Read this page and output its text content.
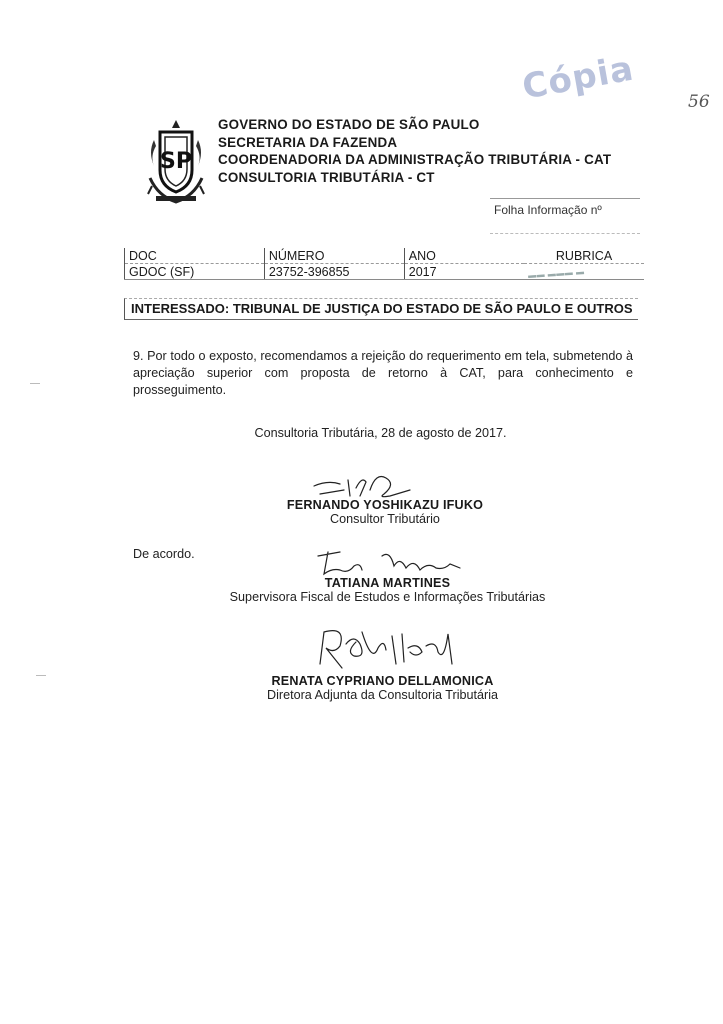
Cópia	56
SP
GOVERNO DO ESTADO DE SÃO PAULO
SECRETARIA DA FAZENDA
COORDENADORIA DA ADMINISTRAÇÃO TRIBUTÁRIA - CAT
CONSULTORIA TRIBUTÁRIA - CT
Folha Informação nº
DOC	NÚMERO	ANO	RUBRICA
GDOC (SF)	23752-396855	2017	▬▬ ▬▬▬ ▬
INTERESSADO: TRIBUNAL DE JUSTIÇA DO ESTADO DE SÃO PAULO E OUTROS
9. Por todo o exposto, recomendamos a rejeição do requerimento em tela, submetendo à apreciação superior com proposta de retorno à CAT, para conhecimento e prosseguimento.
Consultoria Tributária, 28 de agosto de 2017.
FERNANDO YOSHIKAZU IFUKO
Consultor Tributário
De acordo.
TATIANA MARTINES
Supervisora Fiscal de Estudos e Informações Tributárias
RENATA CYPRIANO DELLAMONICA
Diretora Adjunta da Consultoria Tributária
